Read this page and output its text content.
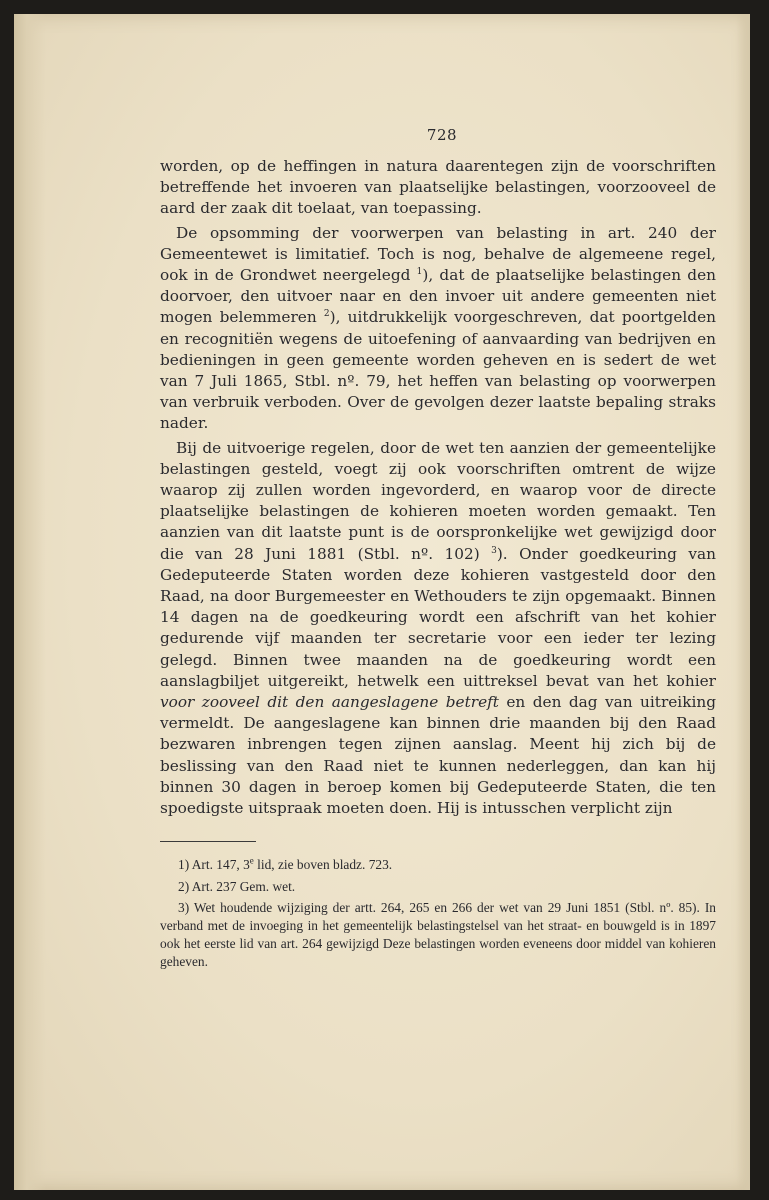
728

worden, op de heffingen in natura daarentegen zijn de voorschriften betreffende het invoeren van plaatselijke belastingen, voorzooveel de aard der zaak dit toelaat, van toepassing.

De opsomming der voorwerpen van belasting in art. 240 der Gemeentewet is limitatief. Toch is nog, behalve de algemeene regel, ook in de Grondwet neergelegd $^1$), dat de plaatselijke belastingen den doorvoer, den uitvoer naar en den invoer uit andere gemeenten niet mogen belemmeren $^2$), uitdrukkelijk voorgeschreven, dat poortgelden en recognitiën wegens de uitoefening of aanvaarding van bedrijven en bedieningen in geen gemeente worden geheven en is sedert de wet van 7 Juli 1865, Stbl. nº. 79, het heffen van belasting op voorwerpen van verbruik verboden. Over de gevolgen dezer laatste bepaling straks nader.

Bij de uitvoerige regelen, door de wet ten aanzien der gemeentelijke belastingen gesteld, voegt zij ook voorschriften omtrent de wijze waarop zij zullen worden ingevorderd, en waarop voor de directe plaatselijke belastingen de kohieren moeten worden gemaakt. Ten aanzien van dit laatste punt is de oorspronkelijke wet gewijzigd door die van 28 Juni 1881 (Stbl. nº. 102) $^3$). Onder goedkeuring van Gedeputeerde Staten worden deze kohieren vastgesteld door den Raad, na door Burgemeester en Wethouders te zijn opgemaakt. Binnen 14 dagen na de goedkeuring wordt een afschrift van het kohier gedurende vijf maanden ter secretarie voor een ieder ter lezing gelegd. Binnen twee maanden na de goedkeuring wordt een aanslagbiljet uitgereikt, hetwelk een uittreksel bevat van het kohier voor zooveel dit den aangeslagene betreft en den dag van uitreiking vermeldt. De aangeslagene kan binnen drie maanden bij den Raad bezwaren inbrengen tegen zijnen aanslag. Meent hij zich bij de beslissing van den Raad niet te kunnen nederleggen, dan kan hij binnen 30 dagen in beroep komen bij Gedeputeerde Staten, die ten spoedigste uitspraak moeten doen. Hij is intusschen verplicht zijn

1) Art. 147, 3e lid, zie boven bladz. 723.

2) Art. 237 Gem. wet.

3) Wet houdende wijziging der artt. 264, 265 en 266 der wet van 29 Juni 1851 (Stbl. nº. 85). In verband met de invoeging in het gemeentelijk belastingstelsel van het straat- en bouwgeld is in 1897 ook het eerste lid van art. 264 gewijzigd Deze belastingen worden eveneens door middel van kohieren geheven.
